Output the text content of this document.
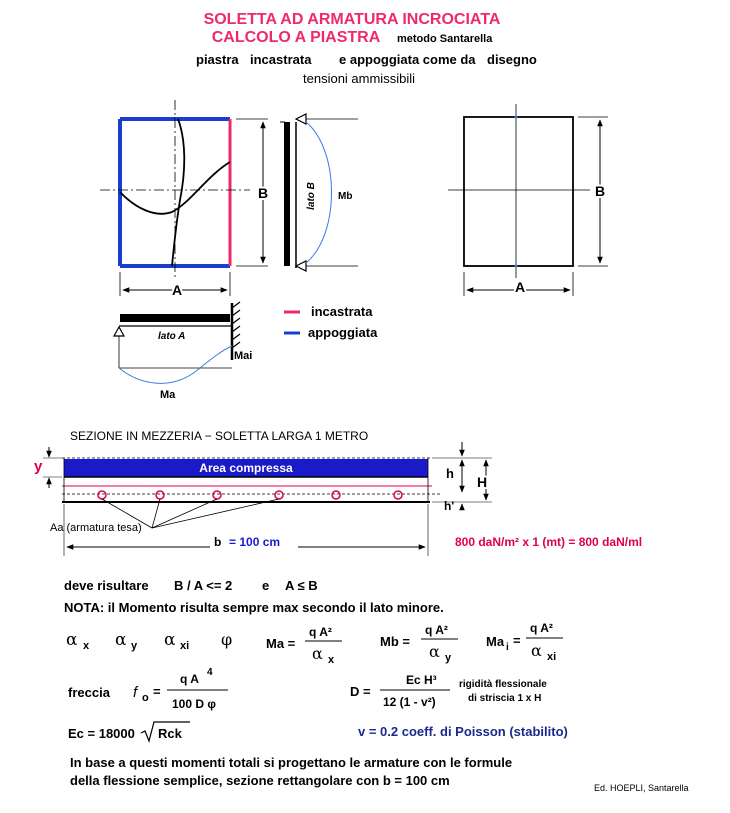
SOLETTA AD ARMATURA INCROCIATA
CALCOLO A PIASTRA metodo Santarella
piastra incastrata e appoggiata come da disegno
tensioni ammissibili
B
A
lato B Mb
incastrata
appoggiata
lato A
Mai
Ma
B
A
SEZIONE IN MEZZERIA − SOLETTA LARGA 1 METRO
Area compressa
y	h
H
h'
Aa (armatura tesa)
b = 100 cm	800 daN/m² x 1 (mt) = 800 daN/ml
deve risultare B / A <= 2 e A ≤ B
NOTA: il Momento risulta sempre max secondo il lato minore.
α x α y α xi φ	Ma =
q A²
α x
Mb =
q A²
α y
Ma i =
q A²
α xi
freccia f o =
q A 4
100 D φ
D =
Ec H³
12 (1 - v²)
rigidità flessionale
di striscia 1 x H
Ec = 18000 Rck	v = 0.2 coeff. di Poisson (stabilito)
In base a questi momenti totali si progettano le armature con le formule
della flessione semplice, sezione rettangolare con b = 100 cm	Ed. HOEPLI, Santarella
